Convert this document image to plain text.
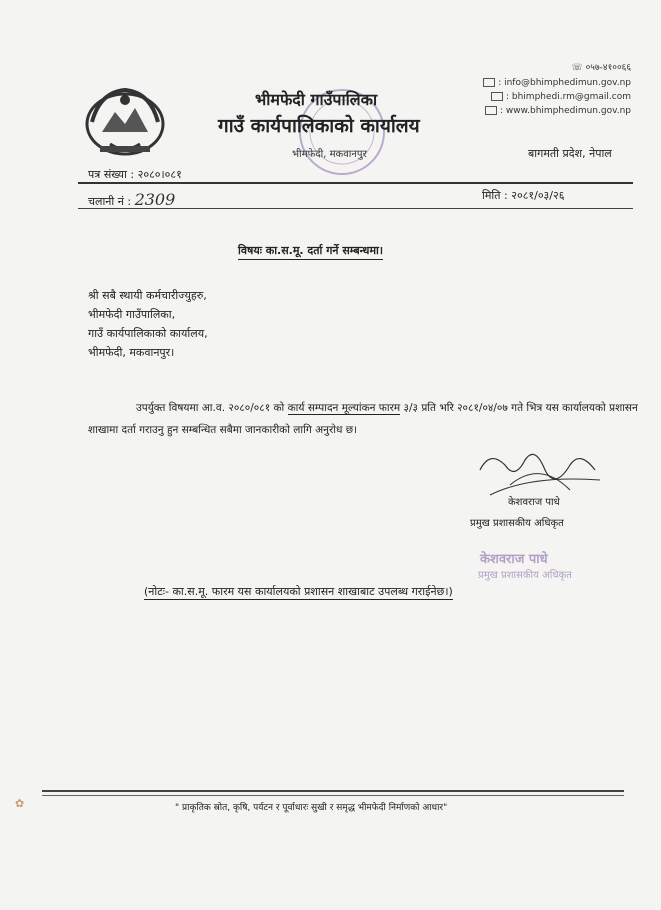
भीमफेदी गाउँपालिका
गाउँ कार्यपालिकाको कार्यालय
भीमफेदी, मकवानपुर
☏ ०५७-४१००६६
: info@bhimphedimun.gov.np
: bhimphedi.rm@gmail.com
: www.bhimphedimun.gov.np
बागमती प्रदेश, नेपाल
पत्र संख्या : २०८०।०८१
चलानी नं : 2309	मिति : २०८१/०३/२६
विषयः का.स.मू. दर्ता गर्ने सम्बन्धमा।
श्री सबै स्थायी कर्मचारीज्युहरु,
भीमफेदी गाउँपालिका,
गाउँ कार्यपालिकाको कार्यालय,
भीमफेदी, मकवानपुर।
उपर्युक्त विषयमा आ.व. २०८०/०८१ को कार्य सम्पादन मूल्यांकन फारम ३/३ प्रति भरि २०८१/०४/०७ गते भित्र यस कार्यालयको प्रशासन शाखामा दर्ता गराउनु हुन सम्बन्धित सबैमा जानकारीको लागि अनुरोध छ।
केशवराज पाधे
प्रमुख प्रशासकीय अधिकृत
केशवराज पाधे
प्रमुख प्रशासकीय अधिकृत
(नोटः- का.स.मू. फारम यस कार्यालयको प्रशासन शाखाबाट उपलब्ध गराईनेछ।)
✿	" प्राकृतिक स्रोत, कृषि, पर्यटन र पूर्वाधारः सुखी र समृद्ध भीमफेदी निर्माणको आधार"
